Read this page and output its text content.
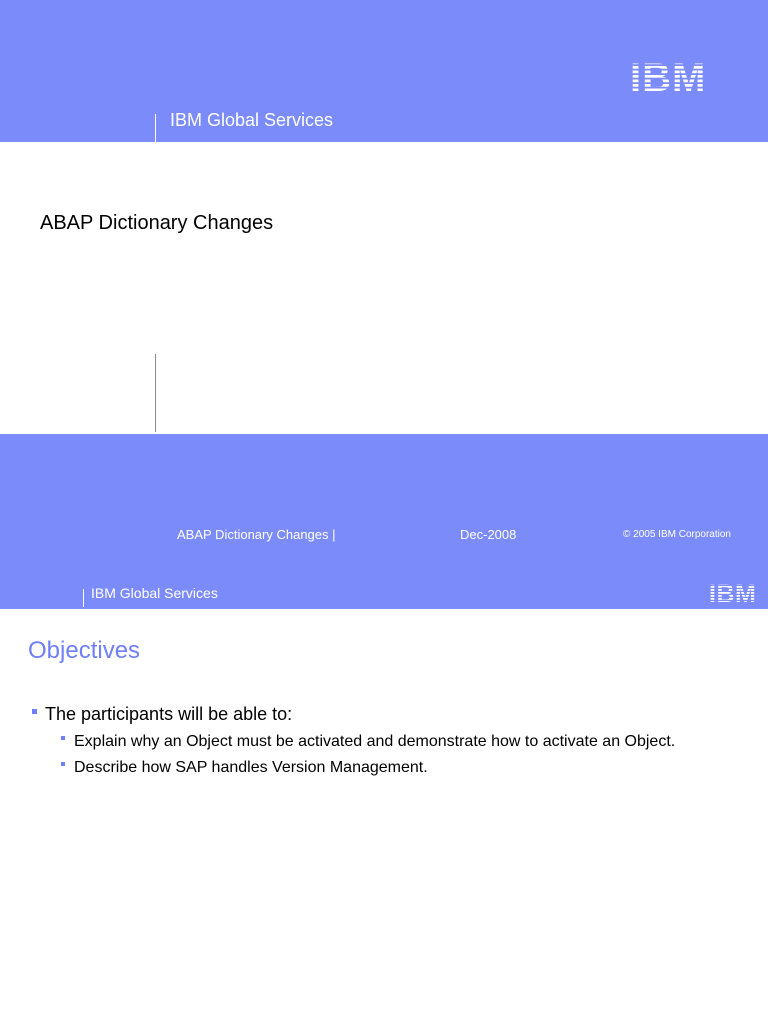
IBM Global Services
IBM
ABAP Dictionary Changes
ABAP Dictionary Changes |	Dec-2008	© 2005 IBM Corporation
IBM Global Services	IBM
Objectives
The participants will be able to:
Explain why an Object must be activated and demonstrate how to activate an Object.
Describe how SAP handles Version Management.
